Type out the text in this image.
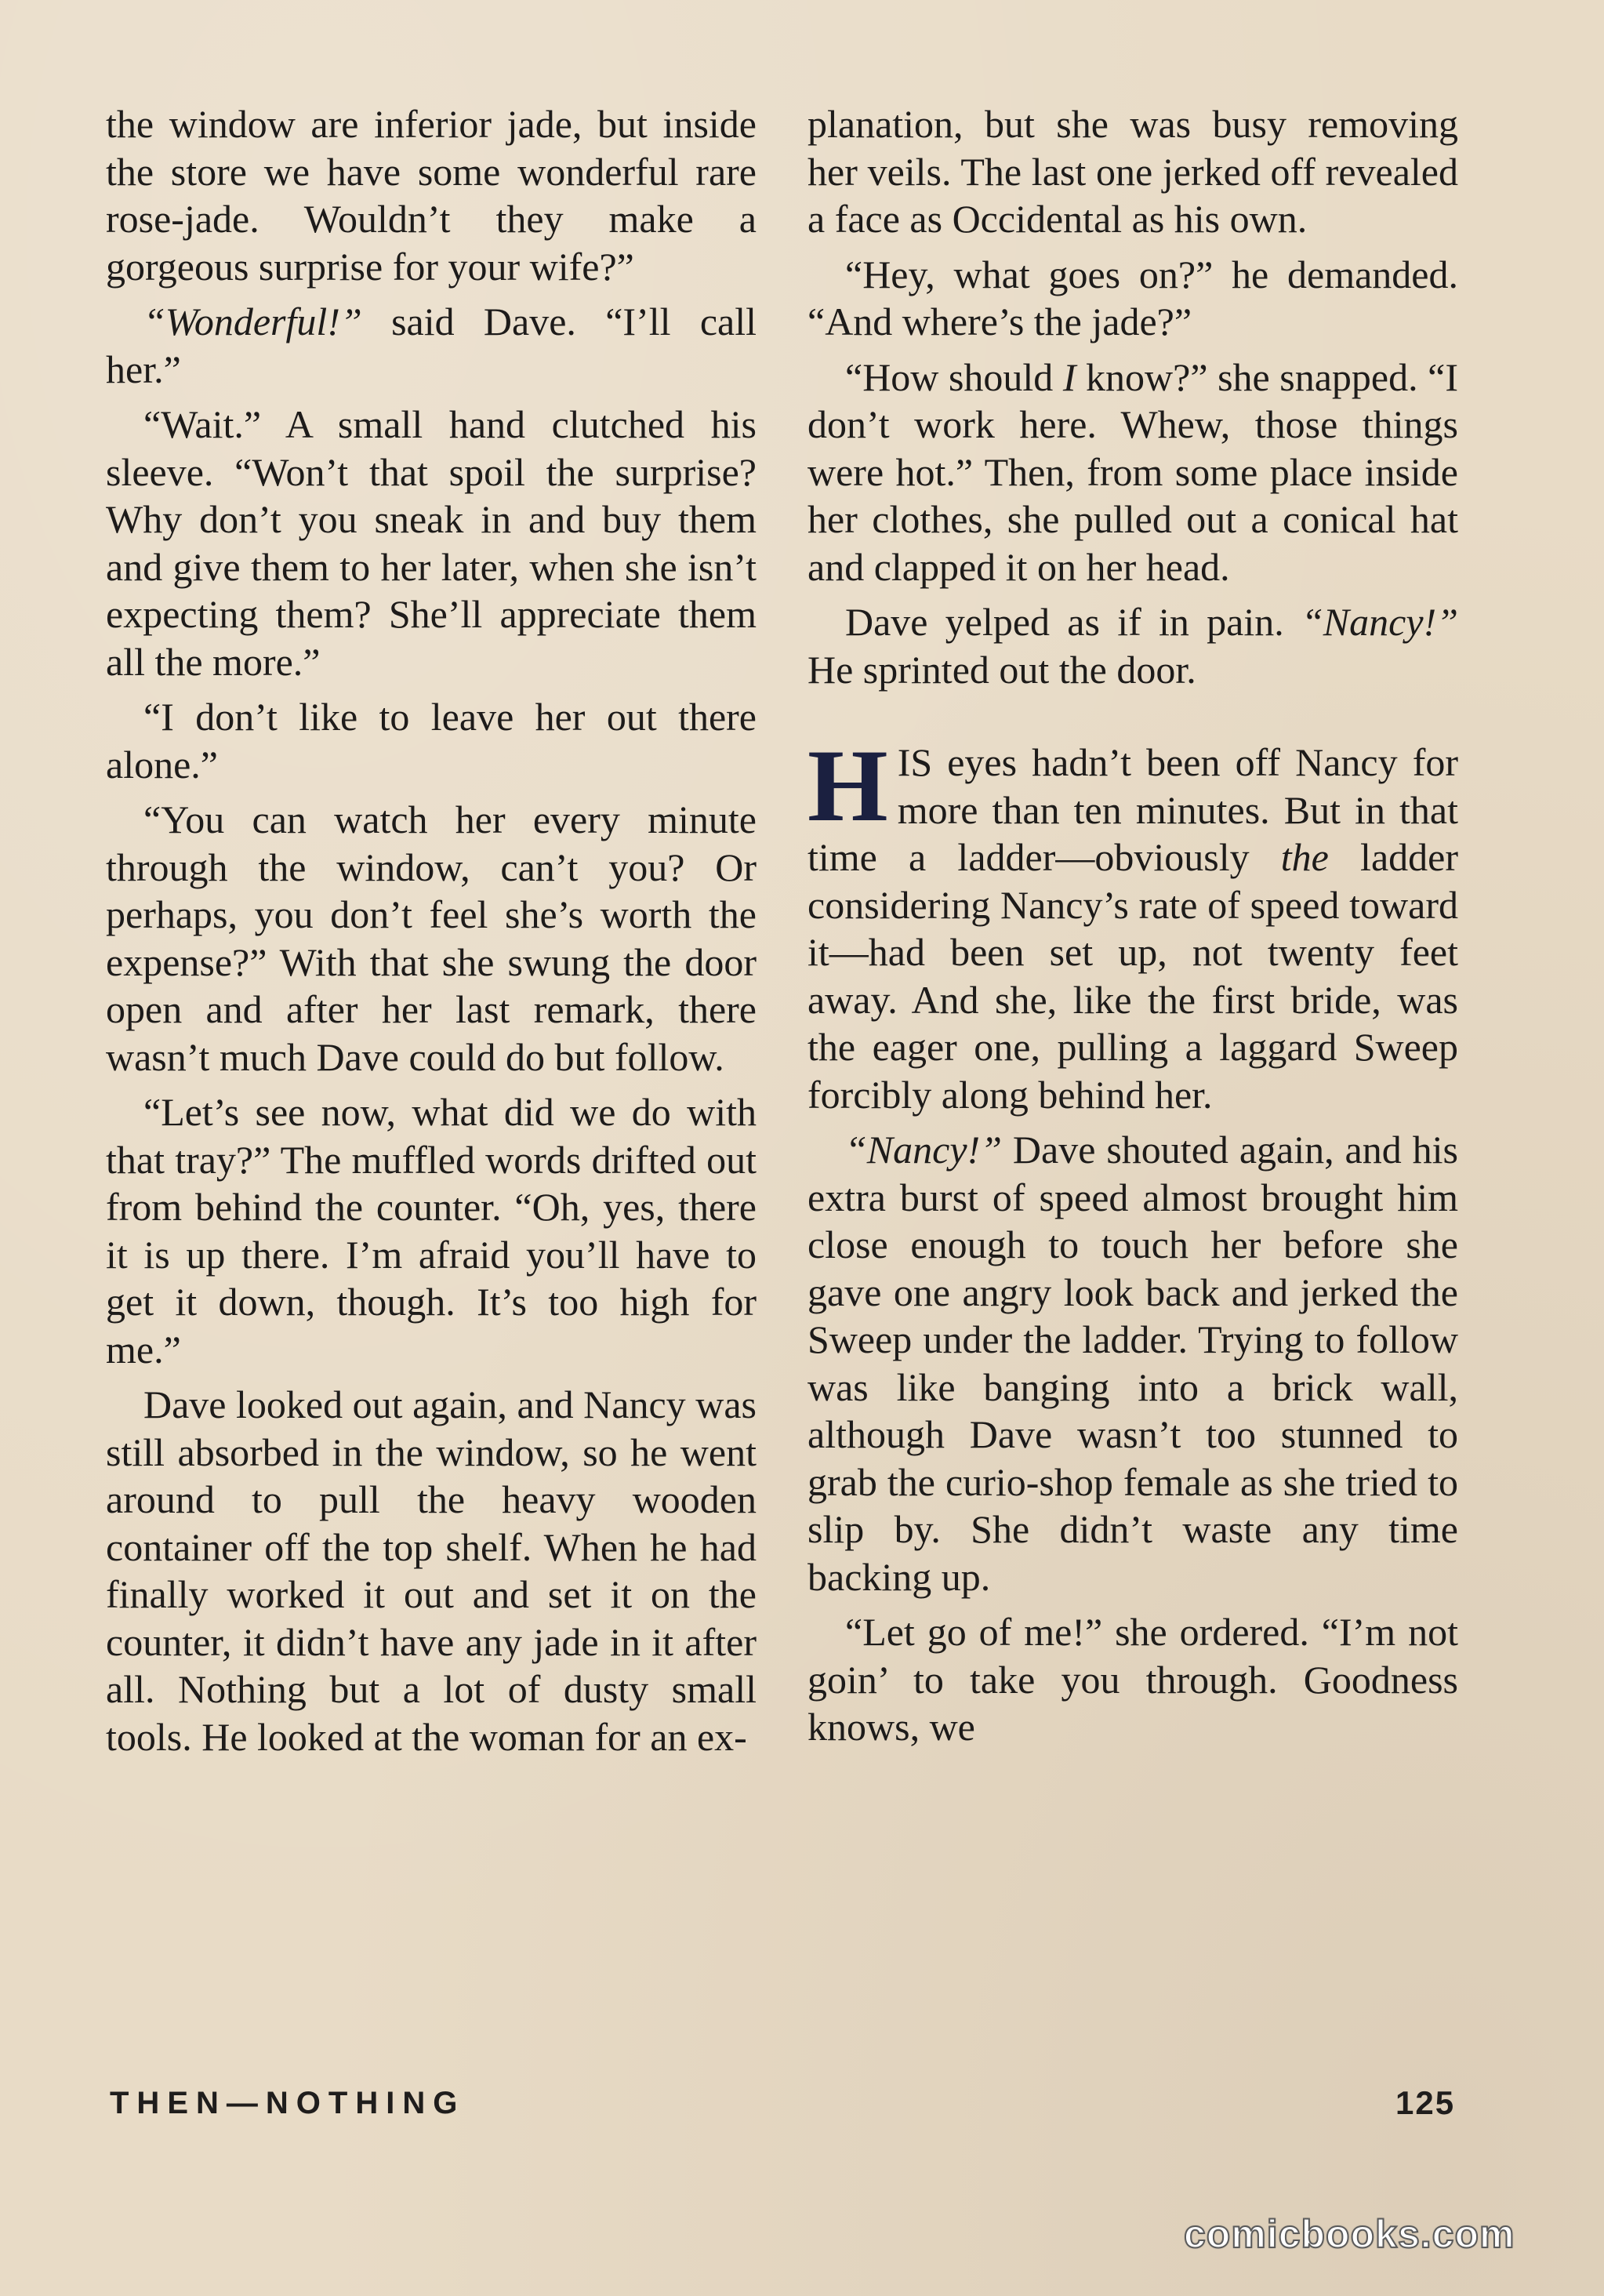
the window are inferior jade, but inside the store we have some wonderful rare rose-jade. Wouldn’t they make a gorgeous surprise for your wife?”

“Wonderful!” said Dave. “I’ll call her.”

“Wait.” A small hand clutched his sleeve. “Won’t that spoil the surprise? Why don’t you sneak in and buy them and give them to her later, when she isn’t expecting them? She’ll appreciate them all the more.”

“I don’t like to leave her out there alone.”

“You can watch her every minute through the window, can’t you? Or perhaps, you don’t feel she’s worth the expense?” With that she swung the door open and after her last remark, there wasn’t much Dave could do but follow.

“Let’s see now, what did we do with that tray?” The muffled words drifted out from behind the counter. “Oh, yes, there it is up there. I’m afraid you’ll have to get it down, though. It’s too high for me.”

Dave looked out again, and Nancy was still absorbed in the window, so he went around to pull the heavy wooden container off the top shelf. When he had finally worked it out and set it on the counter, it didn’t have any jade in it after all. Nothing but a lot of dusty small tools. He looked at the woman for an ex-

planation, but she was busy removing her veils. The last one jerked off revealed a face as Occidental as his own.

“Hey, what goes on?” he demanded. “And where’s the jade?”

“How should I know?” she snapped. “I don’t work here. Whew, those things were hot.” Then, from some place inside her clothes, she pulled out a conical hat and clapped it on her head.

Dave yelped as if in pain. “Nancy!” He sprinted out the door.

HIS eyes hadn’t been off Nancy for more than ten minutes. But in that time a ladder—obviously the ladder considering Nancy’s rate of speed toward it—had been set up, not twenty feet away. And she, like the first bride, was the eager one, pulling a laggard Sweep forcibly along behind her.

“Nancy!” Dave shouted again, and his extra burst of speed almost brought him close enough to touch her before she gave one angry look back and jerked the Sweep under the ladder. Trying to follow was like banging into a brick wall, although Dave wasn’t too stunned to grab the curio-shop female as she tried to slip by. She didn’t waste any time backing up.

“Let go of me!” she ordered. “I’m not goin’ to take you through. Goodness knows, we

THEN—NOTHING	125
comicbooks.com
